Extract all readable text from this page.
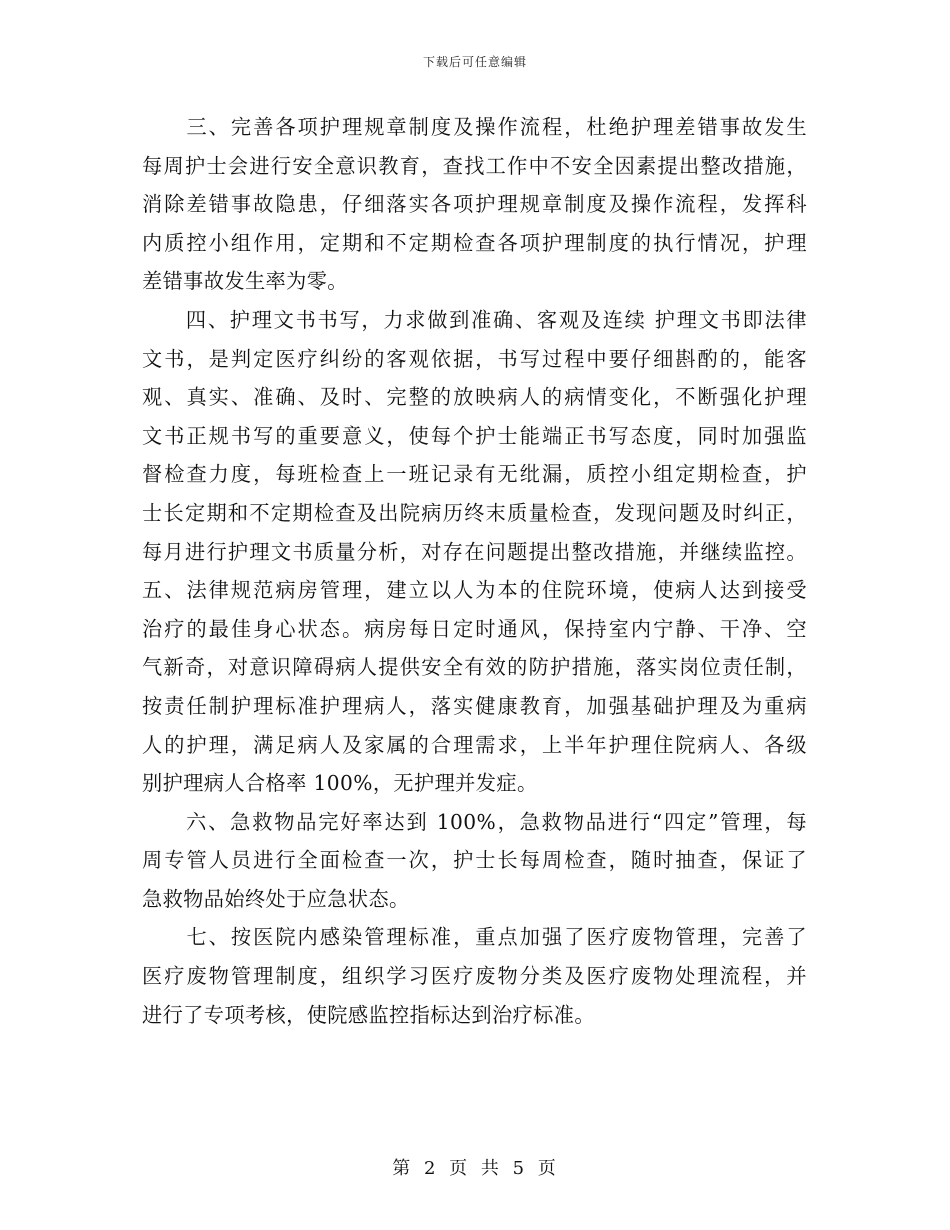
下载后可任意编辑
　　三、完善各项护理规章制度及操作流程，杜绝护理差错事故发生
每周护士会进行安全意识教育，查找工作中不安全因素提出整改措施，
消除差错事故隐患，仔细落实各项护理规章制度及操作流程，发挥科
内质控小组作用，定期和不定期检查各项护理制度的执行情况，护理
差错事故发生率为零。
　　四、护理文书书写，力求做到准确、客观及连续 护理文书即法律
文书，是判定医疗纠纷的客观依据，书写过程中要仔细斟酌的，能客
观、真实、准确、及时、完整的放映病人的病情变化，不断强化护理
文书正规书写的重要意义，使每个护士能端正书写态度，同时加强监
督检查力度，每班检查上一班记录有无纰漏，质控小组定期检查，护
士长定期和不定期检查及出院病历终末质量检查，发现问题及时纠正，
每月进行护理文书质量分析，对存在问题提出整改措施，并继续监控。
五、法律规范病房管理，建立以人为本的住院环境，使病人达到接受
治疗的最佳身心状态。病房每日定时通风，保持室内宁静、干净、空
气新奇，对意识障碍病人提供安全有效的防护措施，落实岗位责任制，
按责任制护理标准护理病人，落实健康教育，加强基础护理及为重病
人的护理，满足病人及家属的合理需求，上半年护理住院病人、各级
别护理病人合格率 100%，无护理并发症。
　　六、急救物品完好率达到 100%，急救物品进行“四定”管理，每
周专管人员进行全面检查一次，护士长每周检查，随时抽查，保证了
急救物品始终处于应急状态。
　　七、按医院内感染管理标准，重点加强了医疗废物管理，完善了
医疗废物管理制度，组织学习医疗废物分类及医疗废物处理流程，并
进行了专项考核，使院感监控指标达到治疗标准。
第 2 页 共 5 页
